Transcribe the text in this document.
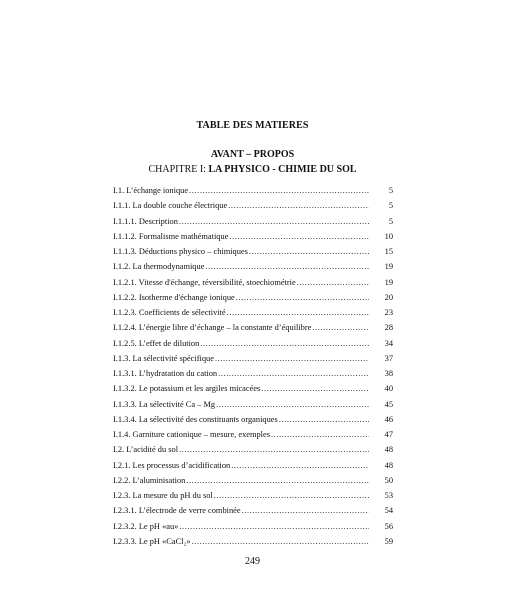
TABLE DES MATIERES
AVANT – PROPOS
CHAPITRE I: LA PHYSICO - CHIMIE DU SOL
I.1. L’échange ionique .....	5
I.1.1. La double couche électrique .....	5
I.1.1.1. Description .....	5
I.1.1.2. Formalisme mathématique .....	10
I.1.1.3. Déductions physico – chimiques .....	15
I.1.2. La thermodynamique .....	19
I.1.2.1. Vitesse d'échange, réversibilité, stoechiométrie .....	19
I.1.2.2. Isotherme d'échange ionique .....	20
I.1.2.3. Coefficients de sélectivité .....	23
I.1.2.4. L’énergie libre d’échange – la constante d’équilibre .....	28
I.1.2.5. L’effet de dilution .....	34
I.1.3. La sélectivité spécifique .....	37
I.1.3.1. L’hydratation du cation .....	38
I.1.3.2. Le potassium et les argiles micacées .....	40
I.1.3.3. La sélectivité Ca – Mg .....	45
I.1.3.4. La sélectivité des constituants organiques .....	46
I.1.4. Garniture cationique – mesure, exemples .....	47
I.2. L’acidité du sol .....	48
I.2.1. Les processus d’acidification .....	48
I.2.2. L’aluminisation .....	50
I.2.3. La mesure du pH du sol .....	53
I.2.3.1. L’électrode de verre combinée .....	54
I.2.3.2. Le pH «au» .....	56
I.2.3.3. Le pH «CaCl₂» .....	59
249
